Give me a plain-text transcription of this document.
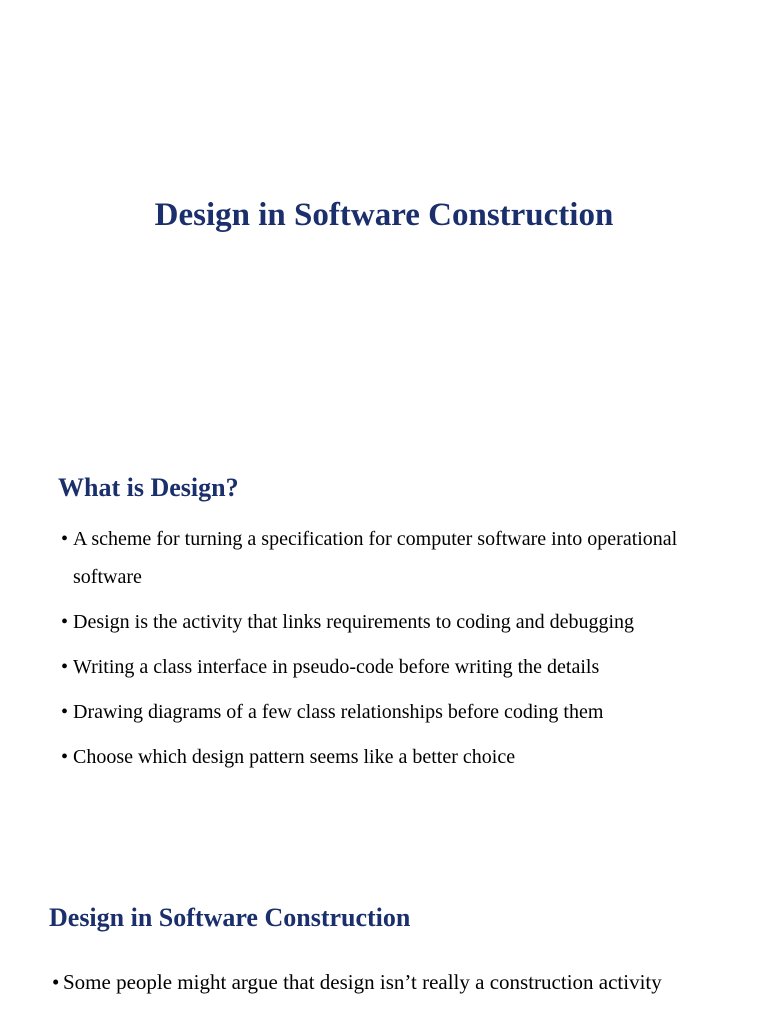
Design in Software Construction
What is Design?
• A scheme for turning a specification for computer software into operational software
• Design is the activity that links requirements to coding and debugging
• Writing a class interface in pseudo-code before writing the details
• Drawing diagrams of a few class relationships before coding them
• Choose which design pattern seems like a better choice
Design in Software Construction
• Some people might argue that design isn’t really a construction activity
